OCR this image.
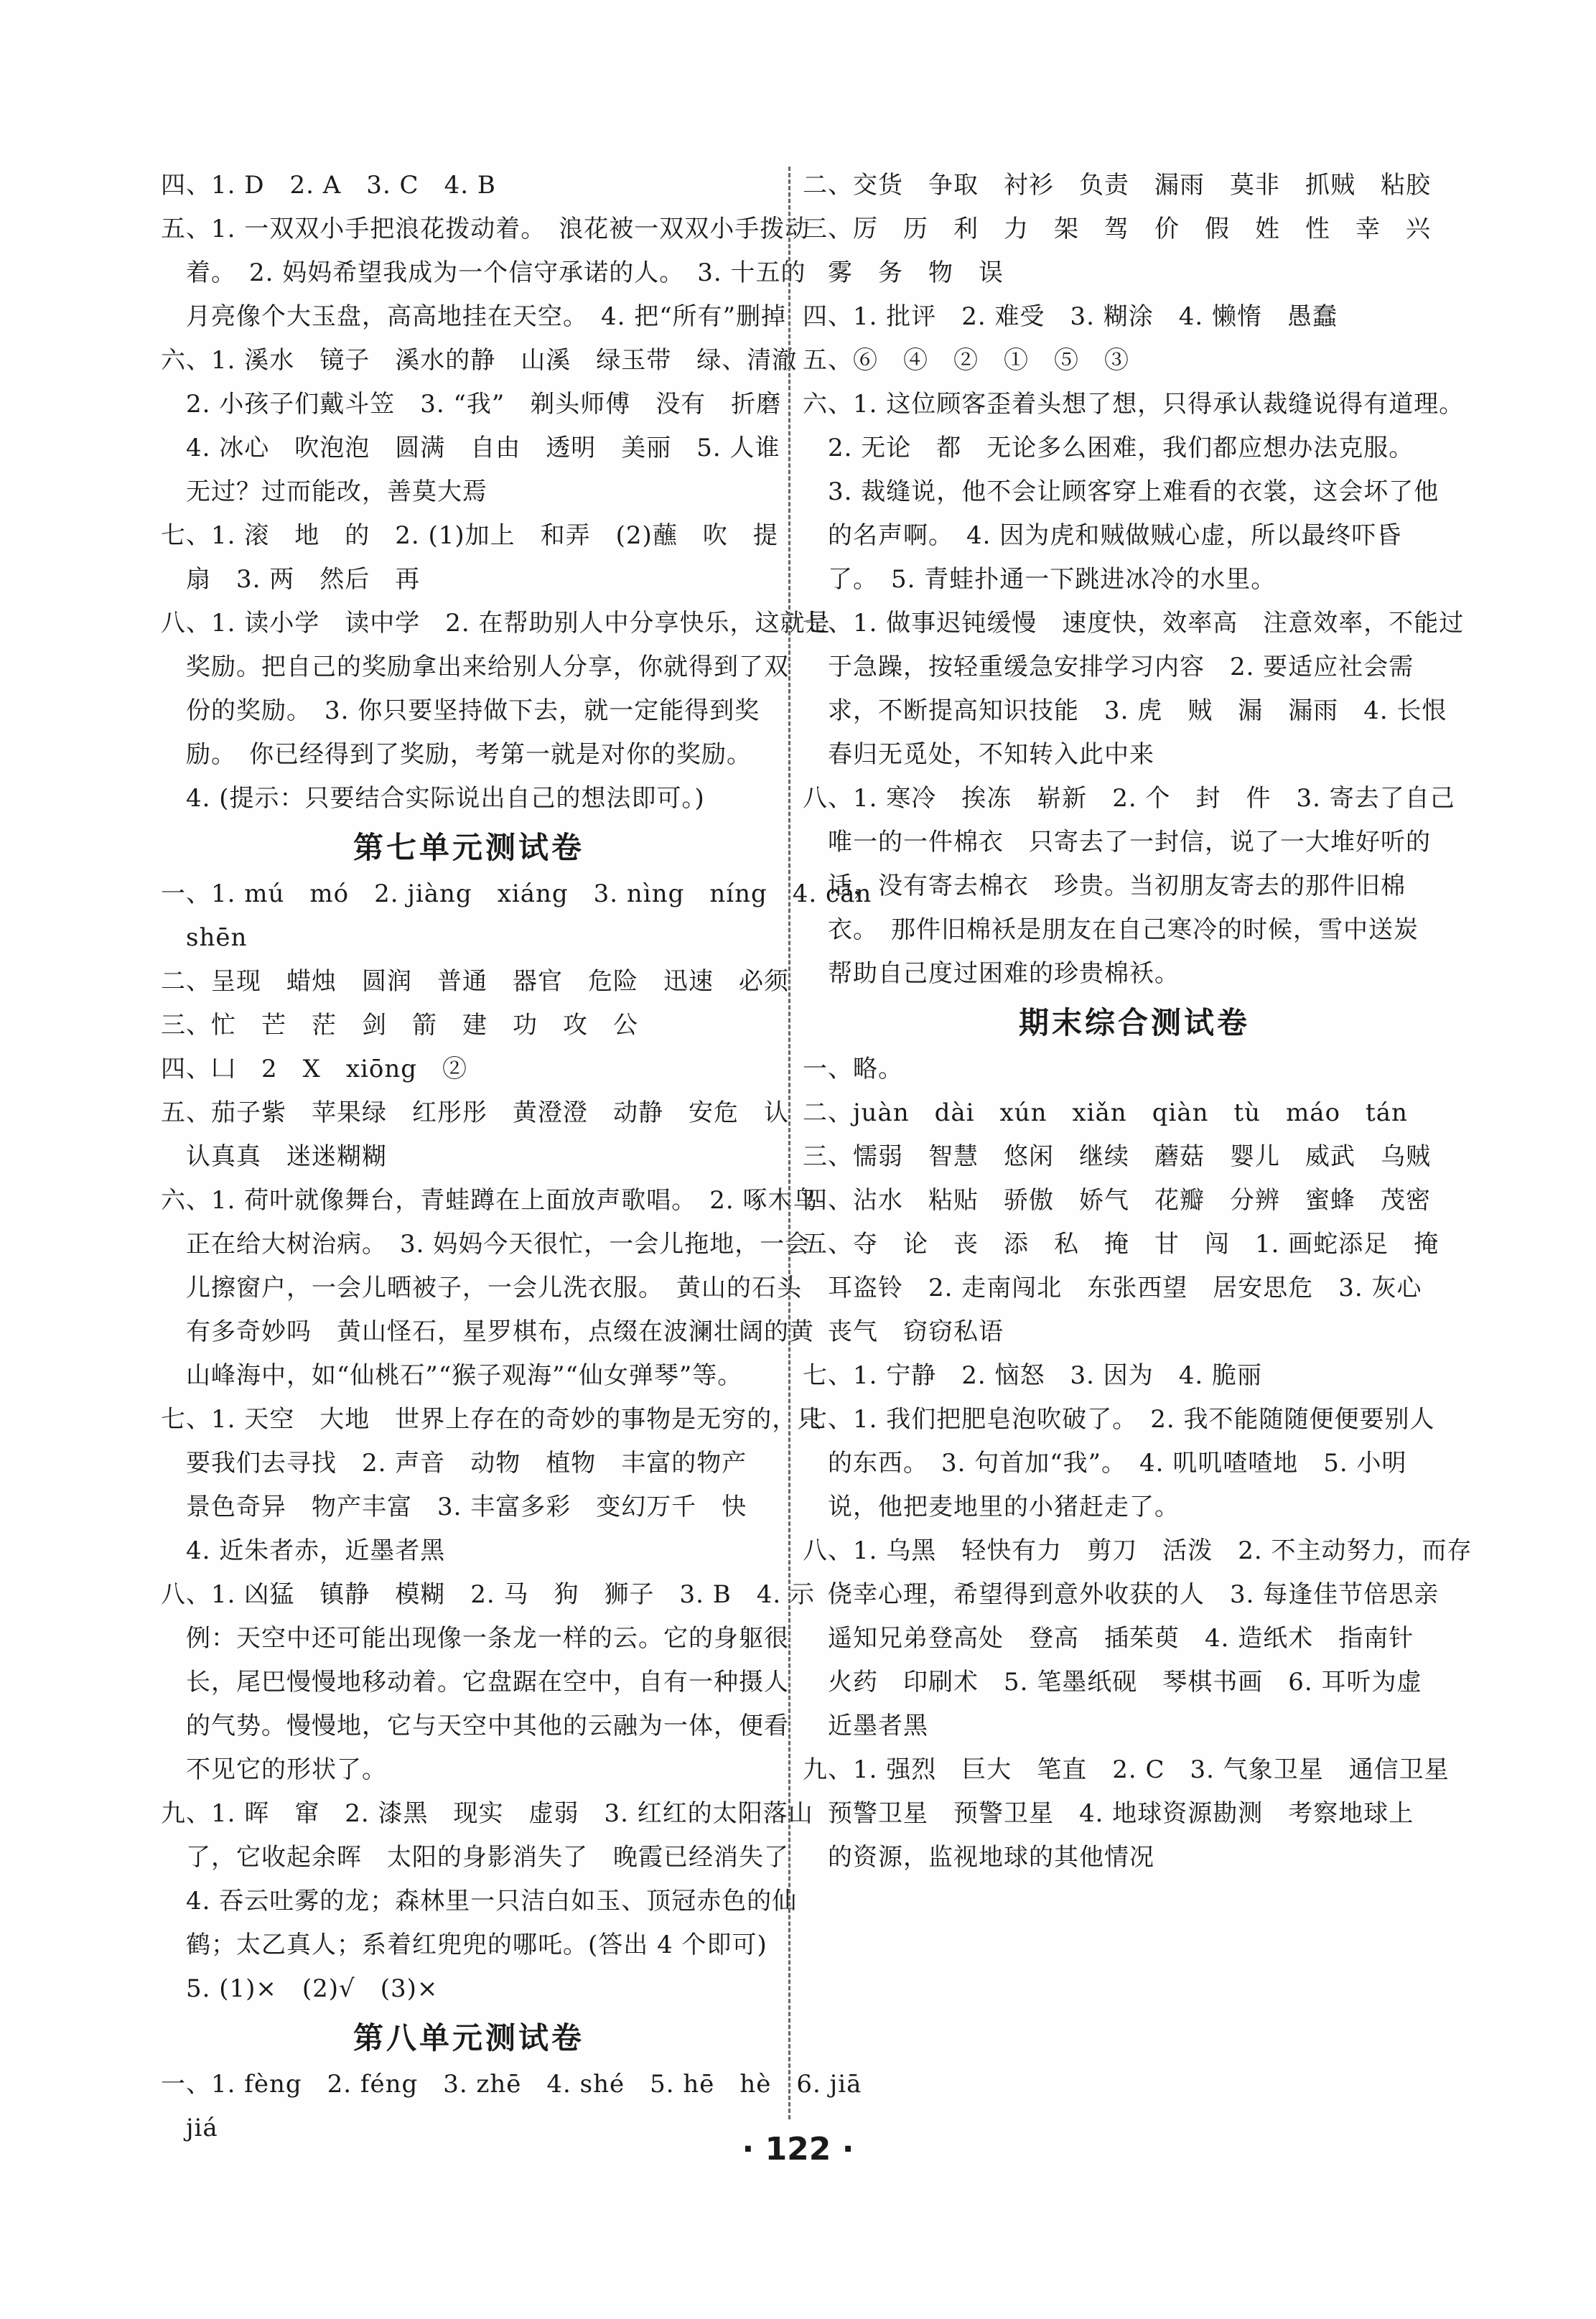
四、1. D　2. A　3. C　4. B
五、1. 一双双小手把浪花拨动着。　浪花被一双双小手拨动
　着。　2. 妈妈希望我成为一个信守承诺的人。　3. 十五的
　月亮像个大玉盘，高高地挂在天空。　4. 把“所有”删掉
六、1. 溪水　镜子　溪水的静　山溪　绿玉带　绿、清澈
　2. 小孩子们戴斗笠　3. “我”　剃头师傅　没有　折磨
　4. 冰心　吹泡泡　圆满　自由　透明　美丽　5. 人谁
　无过？过而能改，善莫大焉
七、1. 滚　地　的　2. (1)加上　和弄　(2)蘸　吹　提
　扇　3. 两　然后　再
八、1. 读小学　读中学　2. 在帮助别人中分享快乐，这就是
　奖励。把自己的奖励拿出来给别人分享，你就得到了双
　份的奖励。　3. 你只要坚持做下去，就一定能得到奖
　励。　你已经得到了奖励，考第一就是对你的奖励。
　4. (提示：只要结合实际说出自己的想法即可。)
第七单元测试卷
一、1. mú　mó　2. jiàng　xiáng　3. nìng　níng　4. cān
　shēn
二、呈现　蜡烛　圆润　普通　器官　危险　迅速　必须
三、忙　芒　茫　剑　箭　建　功　攻　公
四、凵　2　X　xiōng　②
五、茄子紫　苹果绿　红彤彤　黄澄澄　动静　安危　认
　认真真　迷迷糊糊
六、1. 荷叶就像舞台，青蛙蹲在上面放声歌唱。　2. 啄木鸟
　正在给大树治病。　3. 妈妈今天很忙，一会儿拖地，一会
　儿擦窗户，一会儿晒被子，一会儿洗衣服。　黄山的石头
　有多奇妙吗　黄山怪石，星罗棋布，点缀在波澜壮阔的黄
　山峰海中，如“仙桃石”“猴子观海”“仙女弹琴”等。
七、1. 天空　大地　世界上存在的奇妙的事物是无穷的，只
　要我们去寻找　2. 声音　动物　植物　丰富的物产
　景色奇异　物产丰富　3. 丰富多彩　变幻万千　快
　4. 近朱者赤，近墨者黑
八、1. 凶猛　镇静　模糊　2. 马　狗　狮子　3. B　4. 示
　例：天空中还可能出现像一条龙一样的云。它的身躯很
　长，尾巴慢慢地移动着。它盘踞在空中，自有一种摄人
　的气势。慢慢地，它与天空中其他的云融为一体，便看
　不见它的形状了。
九、1. 晖　窜　2. 漆黑　现实　虚弱　3. 红红的太阳落山
　了，它收起余晖　太阳的身影消失了　晚霞已经消失了
　4. 吞云吐雾的龙；森林里一只洁白如玉、顶冠赤色的仙
　鹤；太乙真人；系着红兜兜的哪吒。(答出 4 个即可)
　5. (1)×　(2)√　(3)×
第八单元测试卷
一、1. fèng　2. féng　3. zhē　4. shé　5. hē　hè　6. jiā
　jiá
二、交货　争取　衬衫　负责　漏雨　莫非　抓贼　粘胶
三、厉　历　利　力　架　驾　价　假　姓　性　幸　兴
　雾　务　物　误
四、1. 批评　2. 难受　3. 糊涂　4. 懒惰　愚蠢
五、⑥　④　②　①　⑤　③
六、1. 这位顾客歪着头想了想，只得承认裁缝说得有道理。
　2. 无论　都　无论多么困难，我们都应想办法克服。
　3. 裁缝说，他不会让顾客穿上难看的衣裳，这会坏了他
　的名声啊。　4. 因为虎和贼做贼心虚，所以最终吓昏
　了。　5. 青蛙扑通一下跳进冰冷的水里。
七、1. 做事迟钝缓慢　速度快，效率高　注意效率，不能过
　于急躁，按轻重缓急安排学习内容　2. 要适应社会需
　求，不断提高知识技能　3. 虎　贼　漏　漏雨　4. 长恨
　春归无觅处，不知转入此中来
八、1. 寒冷　挨冻　崭新　2. 个　封　件　3. 寄去了自己
　唯一的一件棉衣　只寄去了一封信，说了一大堆好听的
　话，没有寄去棉衣　珍贵。当初朋友寄去的那件旧棉
　衣。　那件旧棉袄是朋友在自己寒冷的时候，雪中送炭
　帮助自己度过困难的珍贵棉袄。
期末综合测试卷
一、略。
二、juàn　dài　xún　xiǎn　qiàn　tù　máo　tán
三、懦弱　智慧　悠闲　继续　蘑菇　婴儿　威武　乌贼
四、沾水　粘贴　骄傲　娇气　花瓣　分辨　蜜蜂　茂密
五、夺　论　丧　添　私　掩　甘　闯　1. 画蛇添足　掩
　耳盗铃　2. 走南闯北　东张西望　居安思危　3. 灰心
　丧气　窃窃私语
七、1. 宁静　2. 恼怒　3. 因为　4. 脆丽
七、1. 我们把肥皂泡吹破了。　2. 我不能随随便便要别人
　的东西。　3. 句首加“我”。　4. 叽叽喳喳地　5. 小明
　说，他把麦地里的小猪赶走了。
八、1. 乌黑　轻快有力　剪刀　活泼　2. 不主动努力，而存
　侥幸心理，希望得到意外收获的人　3. 每逢佳节倍思亲
　遥知兄弟登高处　登高　插茱萸　4. 造纸术　指南针
　火药　印刷术　5. 笔墨纸砚　琴棋书画　6. 耳听为虚
　近墨者黑
九、1. 强烈　巨大　笔直　2. C　3. 气象卫星　通信卫星
　预警卫星　预警卫星　4. 地球资源勘测　考察地球上
　的资源，监视地球的其他情况
· 122 ·
